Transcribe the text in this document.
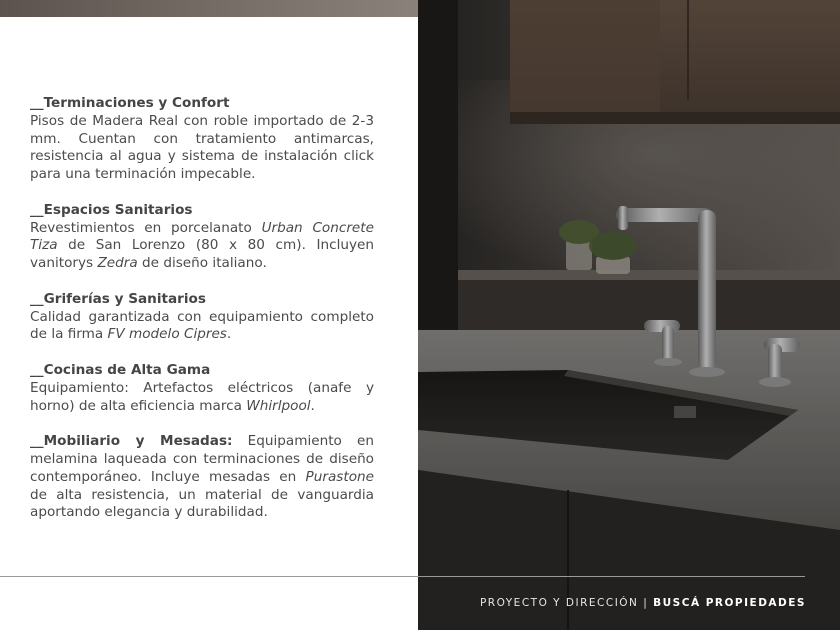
__Terminaciones y Confort
Pisos de Madera Real con roble importado de 2-3 mm. Cuentan con tratamiento antimarcas, resistencia al agua y sistema de instalación click para una terminación impecable.
__Espacios Sanitarios
Revestimientos en porcelanato Urban Concrete Tiza de San Lorenzo (80 x 80 cm). Incluyen vanitorys Zedra de diseño italiano.
__Griferías y Sanitarios
Calidad garantizada con equipamiento completo de la firma FV modelo Cipres.
__Cocinas de Alta Gama
Equipamiento: Artefactos eléctricos (anafe y horno) de alta eficiencia marca Whirlpool.
__Mobiliario y Mesadas: Equipamiento en melamina laqueada con terminaciones de diseño contemporáneo. Incluye mesadas en Purastone de alta resistencia, un material de vanguardia aportando elegancia y durabilidad.
PROYECTO Y DIRECCIÓN | BUSCÁ PROPIEDADES
